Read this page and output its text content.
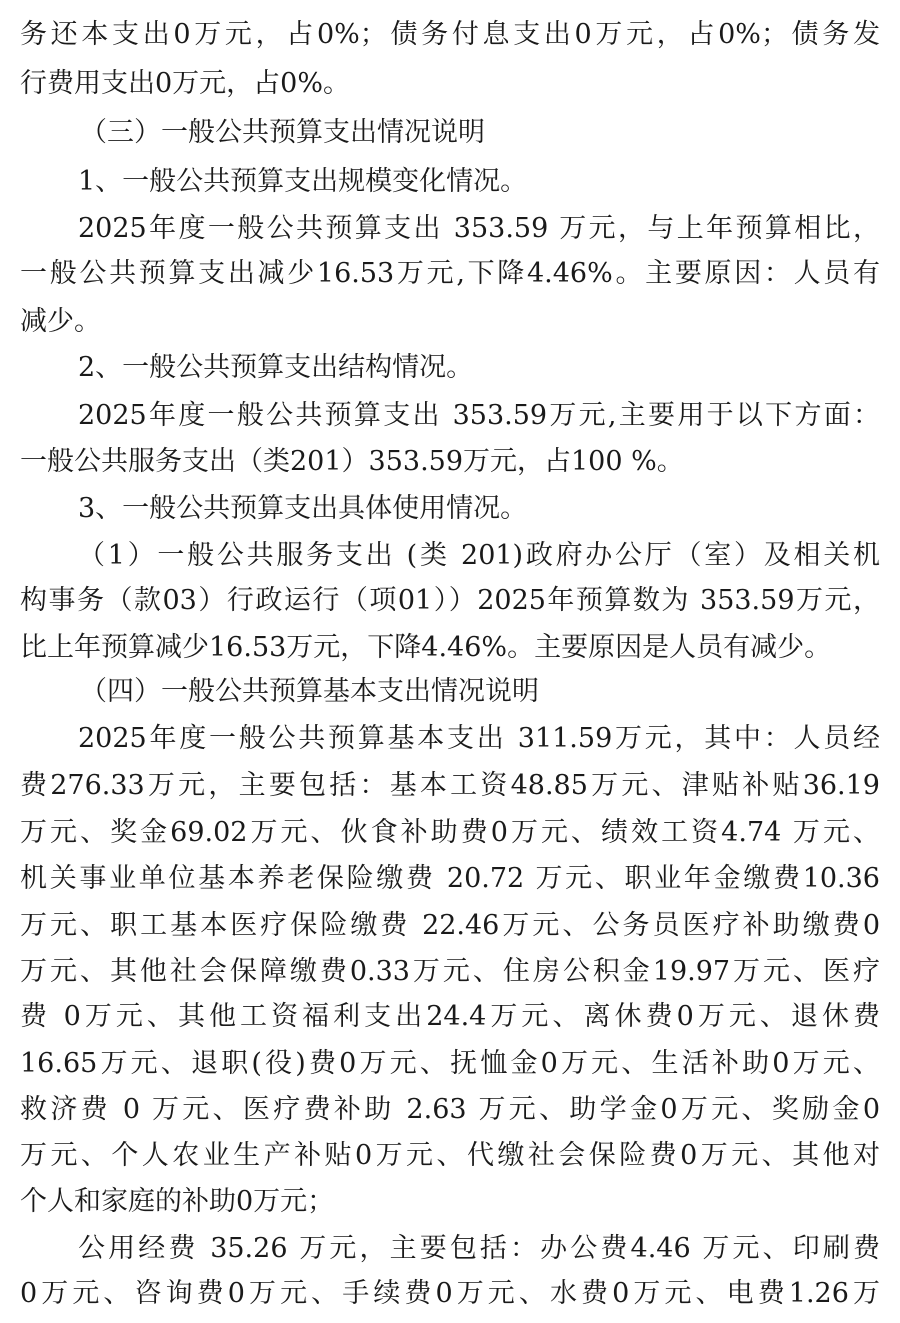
务还本支出0万元，占0%；债务付息支出0万元，占0%；债务发
行费用支出0万元，占0%。
（三）一般公共预算支出情况说明
1、一般公共预算支出规模变化情况。
2025年度一般公共预算支出 353.59 万元，与上年预算相比，
一般公共预算支出减少16.53万元,下降4.46%。主要原因：人员有
减少。
2、一般公共预算支出结构情况。
2025年度一般公共预算支出 353.59万元,主要用于以下方面：
一般公共服务支出（类201）353.59万元，占100 %。
3、一般公共预算支出具体使用情况。
（1）一般公共服务支出 (类 201)政府办公厅（室）及相关机
构事务（款03）行政运行（项01））2025年预算数为 353.59万元，
比上年预算减少16.53万元，下降4.46%。主要原因是人员有减少。
（四）一般公共预算基本支出情况说明
2025年度一般公共预算基本支出 311.59万元，其中：人员经
费276.33万元，主要包括：基本工资48.85万元、津贴补贴36.19
万元、奖金69.02万元、伙食补助费0万元、绩效工资4.74 万元、
机关事业单位基本养老保险缴费 20.72 万元、职业年金缴费10.36
万元、职工基本医疗保险缴费 22.46万元、公务员医疗补助缴费0
万元、其他社会保障缴费0.33万元、住房公积金19.97万元、医疗
费 0万元、其他工资福利支出24.4万元、离休费0万元、退休费
16.65万元、退职(役)费0万元、抚恤金0万元、生活补助0万元、
救济费 0 万元、医疗费补助 2.63 万元、助学金0万元、奖励金0
万元、个人农业生产补贴0万元、代缴社会保险费0万元、其他对
个人和家庭的补助0万元；
公用经费 35.26 万元，主要包括：办公费4.46 万元、印刷费
0万元、咨询费0万元、手续费0万元、水费0万元、电费1.26万
